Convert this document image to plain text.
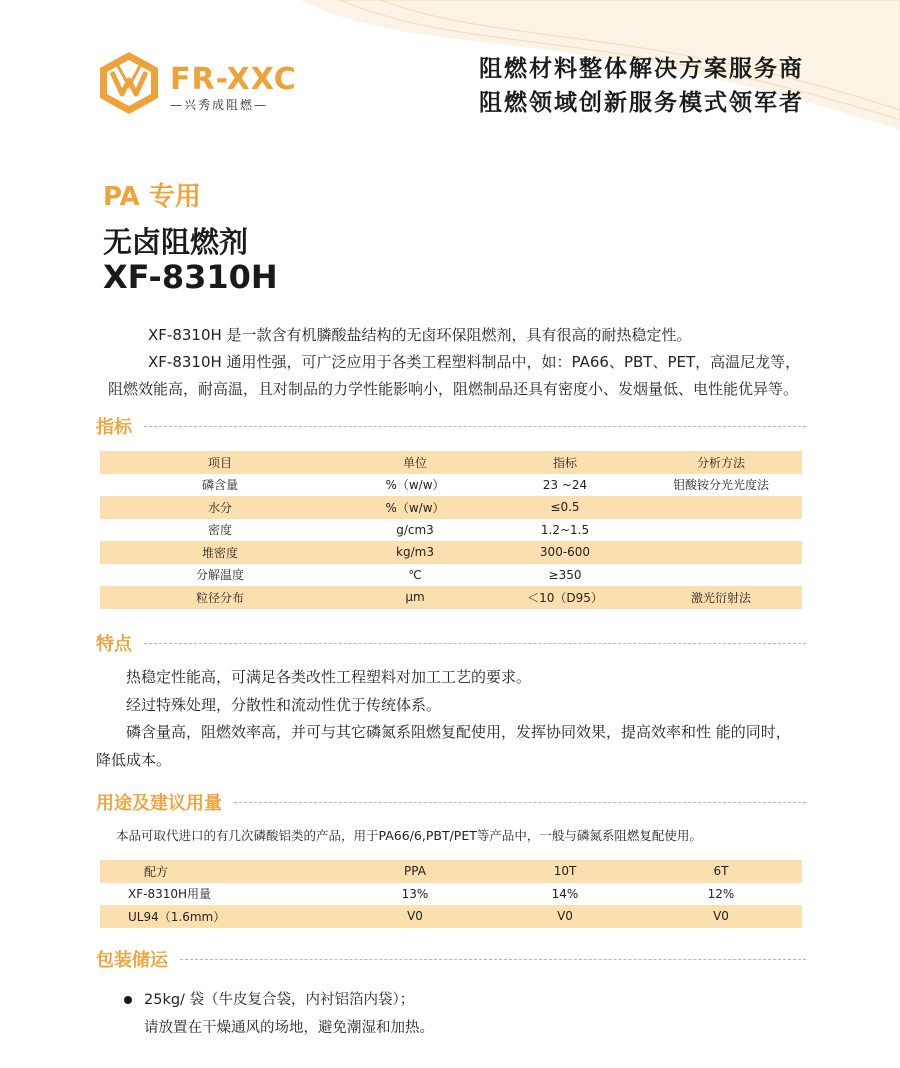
FR-XXC
—兴秀成阻燃—
阻燃材料整体解决方案服务商
阻燃领域创新服务模式领军者
PA 专用
无卤阻燃剂
XF-8310H

XF-8310H 是一款含有机膦酸盐结构的无卤环保阻燃剂，具有很高的耐热稳定性。

XF-8310H 通用性强，可广泛应用于各类工程塑料制品中，如：PA66、PBT、PET，高温尼龙等，阻燃效能高，耐高温，且对制品的力学性能影响小，阻燃制品还具有密度小、发烟量低、电性能优异等。

指标
项目	单位	指标	分析方法
磷含量	%（w/w）	23 ~24	钼酸铵分光光度法
水分	%（w/w）	≤0.5	
密度	g/cm3	1.2~1.5	
堆密度	kg/m3	300-600	
分解温度	℃	≥350	
粒径分布	μm	＜10（D95）	激光衍射法
特点

热稳定性能高，可满足各类改性工程塑料对加工工艺的要求。

经过特殊处理，分散性和流动性优于传统体系。

磷含量高，阻燃效率高，并可与其它磷氮系阻燃复配使用，发挥协同效果，提高效率和性 能的同时，

降低成本。

用途及建议用量
本品可取代进口的有几次磷酸铝类的产品，用于PA66/6,PBT/PET等产品中，一般与磷氮系阻燃复配使用。
配方	PPA	10T	6T
XF-8310H用量	13%	14%	12%
UL94（1.6mm）	V0	V0	V0
包装储运
25kg/ 袋（牛皮复合袋，内衬铝箔内袋）；
请放置在干燥通风的场地，避免潮湿和加热。
